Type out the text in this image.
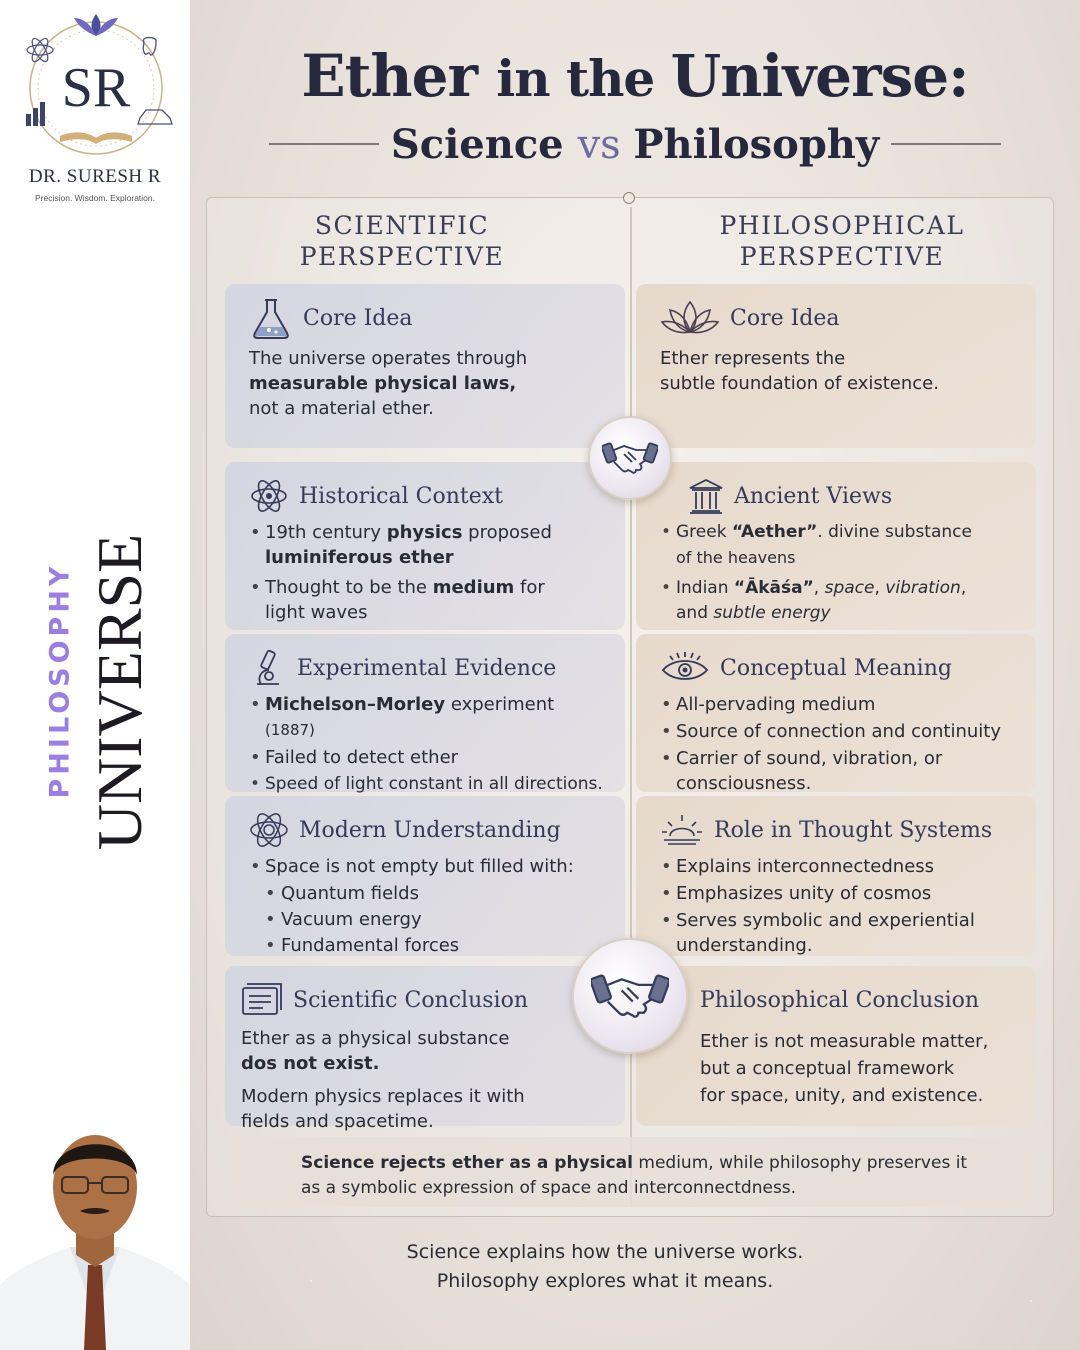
SR
DR. SURESH R
Precision. Wisdom. Exploration.
PHILOSOPHY UNIVERSE
Ether in the Universe:
Science vs Philosophy
SCIENTIFIC
PERSPECTIVE
PHILOSOPHICAL
PERSPECTIVE
Core Idea

The universe operates through
measurable physical laws,
not a material ether.

Historical Context
• 19th century physics proposed
luminiferous ether
• Thought to be the medium for
light waves
Experimental Evidence
• Michelson–Morley experiment (1887)
• Failed to detect ether
• Speed of light constant in all directions.
Modern Understanding
• Space is not empty but filled with:
• Quantum fields
• Vacuum energy
• Fundamental forces
Scientific Conclusion

Ether as a physical substance
dos not exist.

Modern physics replaces it with
fields and spacetime.

Core Idea

Ether represents the
subtle foundation of existence.

Ancient Views
• Greek “Aether”. divine substance
of the heavens
• Indian “Ākāśa”, space, vibration,
and subtle energy
Conceptual Meaning
• All-pervading medium
• Source of connection and continuity
• Carrier of sound, vibration, or
consciousness.
Role in Thought Systems
• Explains interconnectedness
• Emphasizes unity of cosmos
• Serves symbolic and experiential
understanding.
Philosophical Conclusion

Ether is not measurable matter,
but a conceptual framework
for space, unity, and existence.

Science rejects ether as a physical medium, while philosophy preserves it
as a symbolic expression of space and interconnectdness.
Science explains how the universe works.
Philosophy explores what it means.
